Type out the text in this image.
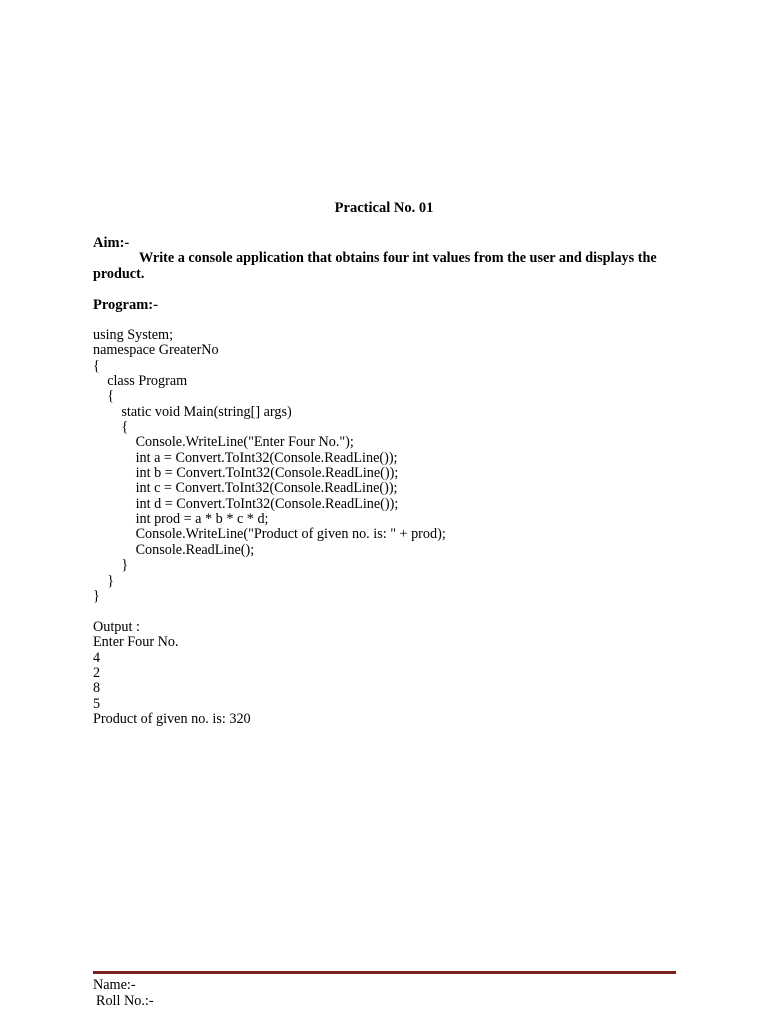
Practical No. 01
Aim:-
Write a console application that obtains four int values from the user and displays the product.
Program:-
using System;
namespace GreaterNo
{
class Program
{
static void Main(string[] args)
{
Console.WriteLine("Enter Four No.");
int a = Convert.ToInt32(Console.ReadLine());
int b = Convert.ToInt32(Console.ReadLine());
int c = Convert.ToInt32(Console.ReadLine());
int d = Convert.ToInt32(Console.ReadLine());
int prod = a * b * c * d;
Console.WriteLine("Product of given no. is: " + prod);
Console.ReadLine();
}
}
}
Output :
Enter Four No.
4
2
8
5
Product of given no. is: 320
Name:-
Roll No.:-
